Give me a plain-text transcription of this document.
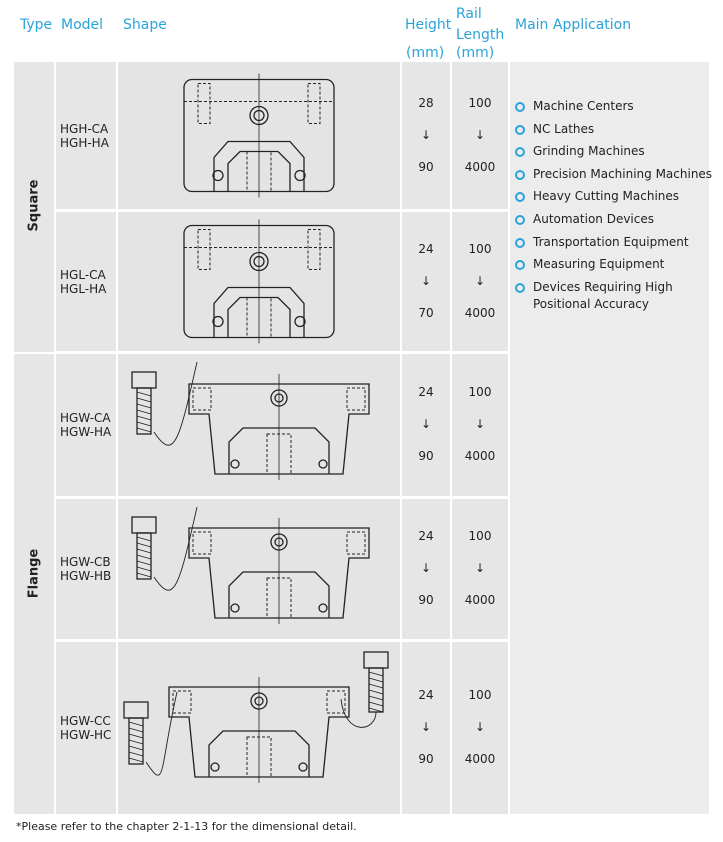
Type Model Shape	Height
(mm)
Rail
Length
(mm)
Main Application
Square
Flange
HGH-CA
HGH-HA
28
↓
90
100
↓
4000
HGL-CA
HGL-HA
24
↓
70
100
↓
4000
HGW-CA
HGW-HA
24
↓
90
100
↓
4000
HGW-CB
HGW-HB
24
↓
90
100
↓
4000
HGW-CC
HGW-HC
24
↓
90
100
↓
4000
Machine Centers
NC Lathes
Grinding Machines
Precision Machining Machines
Heavy Cutting Machines
Automation Devices
Transportation Equipment
Measuring Equipment
Devices Requiring High Positional Accuracy
*Please refer to the chapter 2-1-13 for the dimensional detail.
